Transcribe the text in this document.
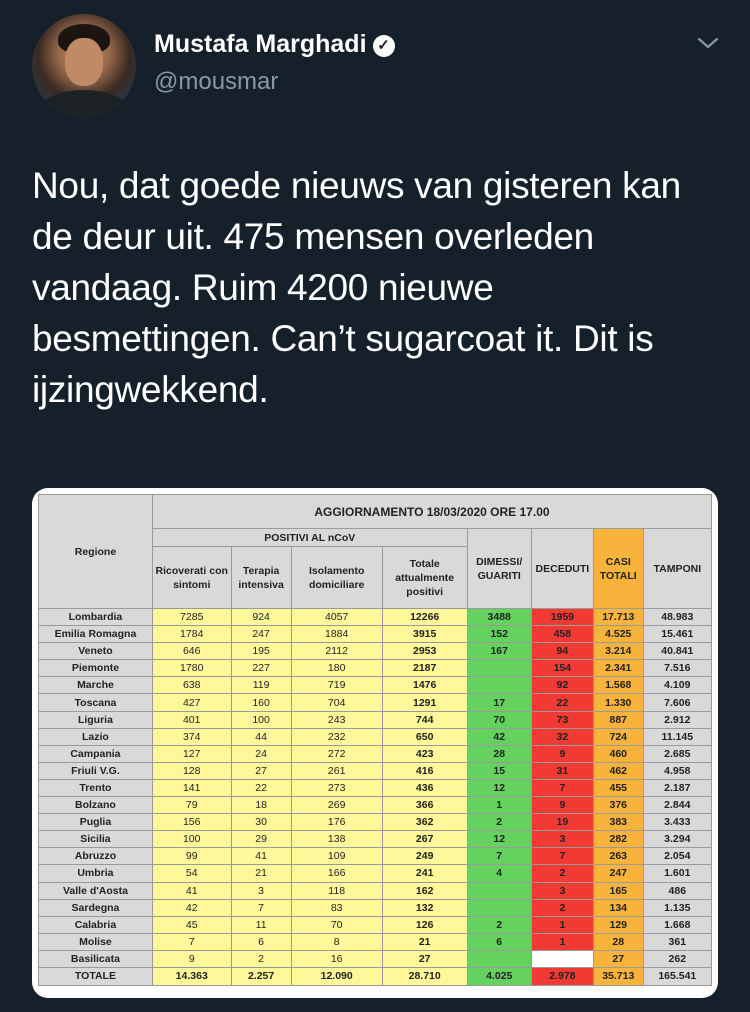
Mustafa Marghadi ✓
@mousmar
Nou, dat goede nieuws van gisteren kan de deur uit. 475 mensen overleden vandaag. Ruim 4200 nieuwe besmettingen. Can’t sugarcoat it. Dit is ijzingwekkend.
Regione	AGGIORNAMENTO 18/03/2020 ORE 17.00							
	POSITIVI AL nCoV				DIMESSI/ GUARITI	DECEDUTI	CASI TOTALI	TAMPONI
	Ricoverati con sintomi	Terapia intensiva	Isolamento domiciliare	Totale attualmente positivi				
Lombardia	7285	924	4057	12266	3488	1959	17.713	48.983
Emilia Romagna	1784	247	1884	3915	152	458	4.525	15.461
Veneto	646	195	2112	2953	167	94	3.214	40.841
Piemonte	1780	227	180	2187		154	2.341	7.516
Marche	638	119	719	1476		92	1.568	4.109
Toscana	427	160	704	1291	17	22	1.330	7.606
Liguria	401	100	243	744	70	73	887	2.912
Lazio	374	44	232	650	42	32	724	11.145
Campania	127	24	272	423	28	9	460	2.685
Friuli V.G.	128	27	261	416	15	31	462	4.958
Trento	141	22	273	436	12	7	455	2.187
Bolzano	79	18	269	366	1	9	376	2.844
Puglia	156	30	176	362	2	19	383	3.433
Sicilia	100	29	138	267	12	3	282	3.294
Abruzzo	99	41	109	249	7	7	263	2.054
Umbria	54	21	166	241	4	2	247	1.601
Valle d'Aosta	41	3	118	162		3	165	486
Sardegna	42	7	83	132		2	134	1.135
Calabria	45	11	70	126	2	1	129	1.668
Molise	7	6	8	21	6	1	28	361
Basilicata	9	2	16	27			27	262
TOTALE	14.363	2.257	12.090	28.710	4.025	2.978	35.713	165.541
